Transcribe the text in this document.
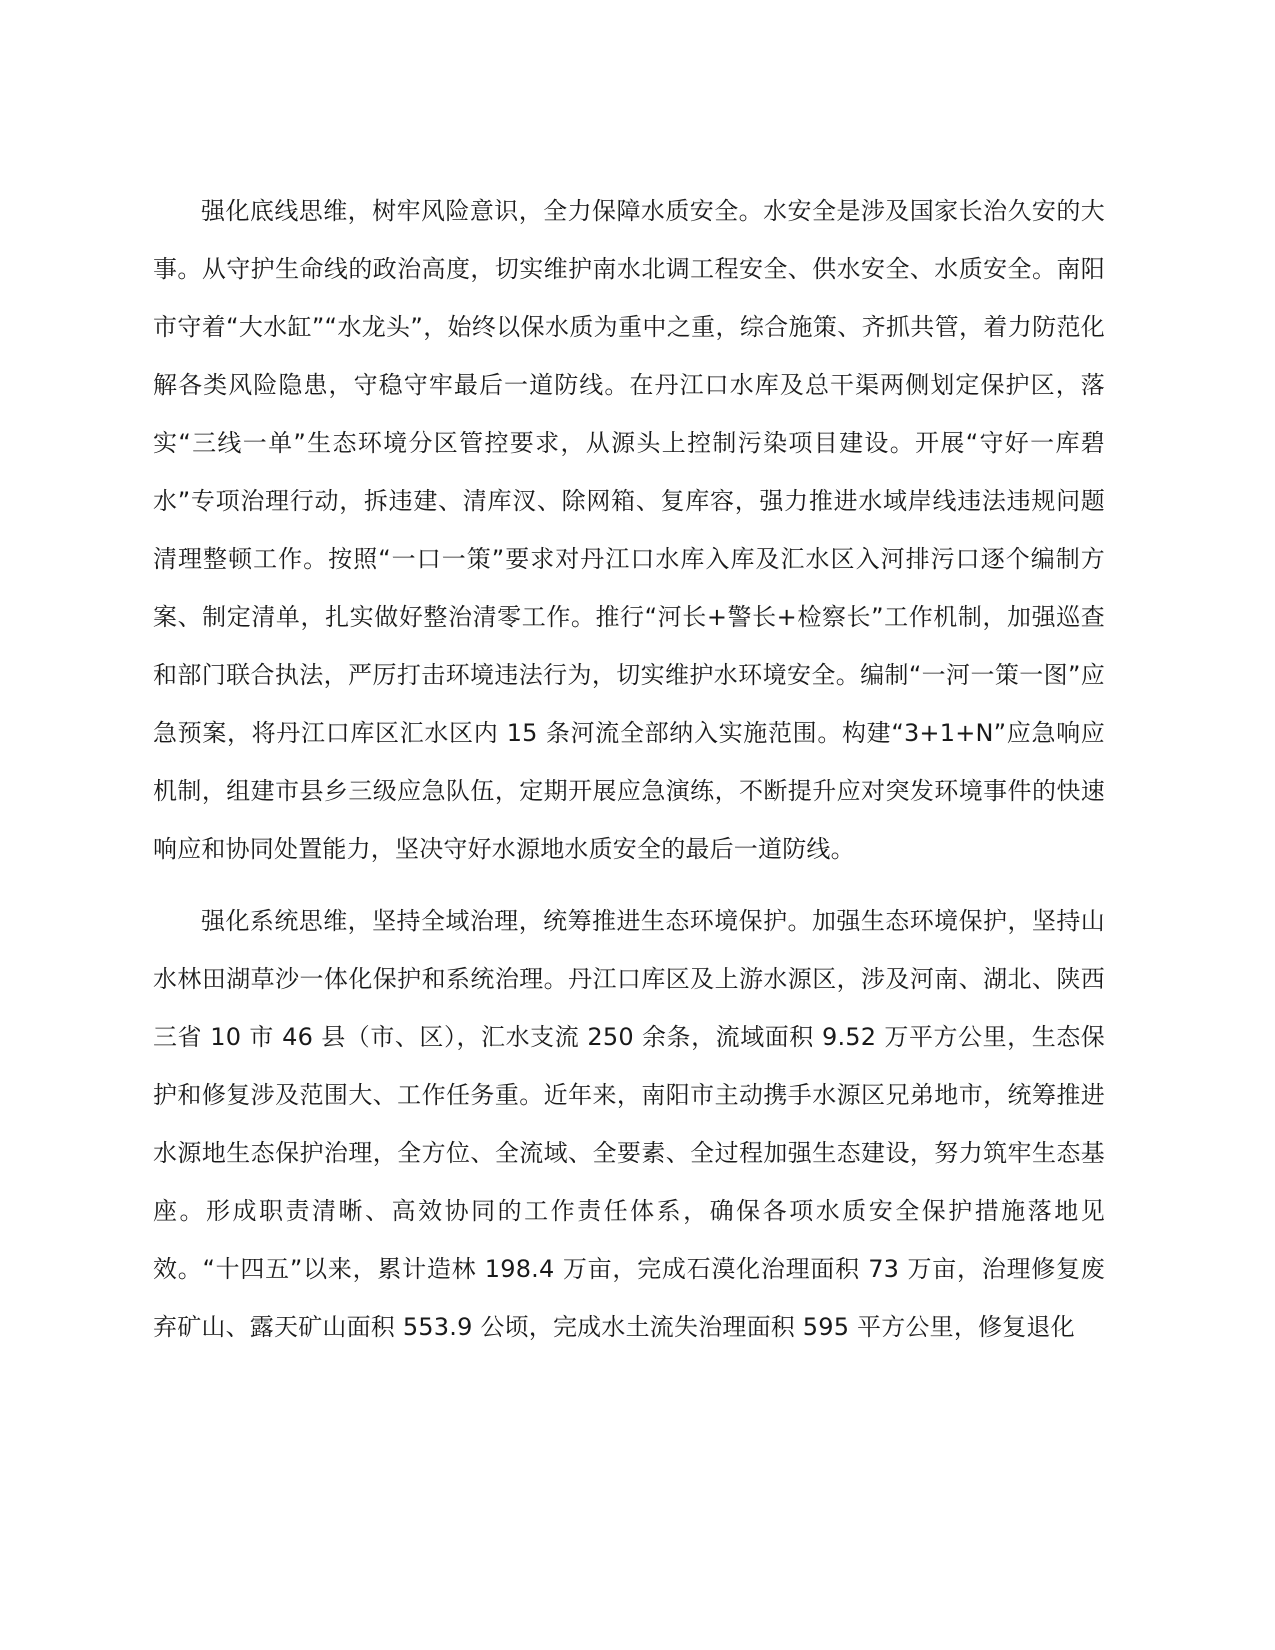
强化底线思维，树牢风险意识，全力保障水质安全。水安全是涉及国家长治久安的大事。从守护生命线的政治高度，切实维护南水北调工程安全、供水安全、水质安全。南阳市守着“大水缸”“水龙头”，始终以保水质为重中之重，综合施策、齐抓共管，着力防范化解各类风险隐患，守稳守牢最后一道防线。在丹江口水库及总干渠两侧划定保护区，落实“三线一单”生态环境分区管控要求，从源头上控制污染项目建设。开展“守好一库碧水”专项治理行动，拆违建、清库汊、除网箱、复库容，强力推进水域岸线违法违规问题清理整顿工作。按照“一口一策”要求对丹江口水库入库及汇水区入河排污口逐个编制方案、制定清单，扎实做好整治清零工作。推行“河长+警长+检察长”工作机制，加强巡查和部门联合执法，严厉打击环境违法行为，切实维护水环境安全。编制“一河一策一图”应急预案，将丹江口库区汇水区内 15 条河流全部纳入实施范围。构建“3+1+N”应急响应机制，组建市县乡三级应急队伍，定期开展应急演练，不断提升应对突发环境事件的快速响应和协同处置能力，坚决守好水源地水质安全的最后一道防线。

强化系统思维，坚持全域治理，统筹推进生态环境保护。加强生态环境保护，坚持山水林田湖草沙一体化保护和系统治理。丹江口库区及上游水源区，涉及河南、湖北、陕西三省 10 市 46 县（市、区），汇水支流 250 余条，流域面积 9.52 万平方公里，生态保护和修复涉及范围大、工作任务重。近年来，南阳市主动携手水源区兄弟地市，统筹推进水源地生态保护治理，全方位、全流域、全要素、全过程加强生态建设，努力筑牢生态基座。形成职责清晰、高效协同的工作责任体系，确保各项水质安全保护措施落地见效。“十四五”以来，累计造林 198.4 万亩，完成石漠化治理面积 73 万亩，治理修复废弃矿山、露天矿山面积 553.9 公顷，完成水土流失治理面积 595 平方公里，修复退化
